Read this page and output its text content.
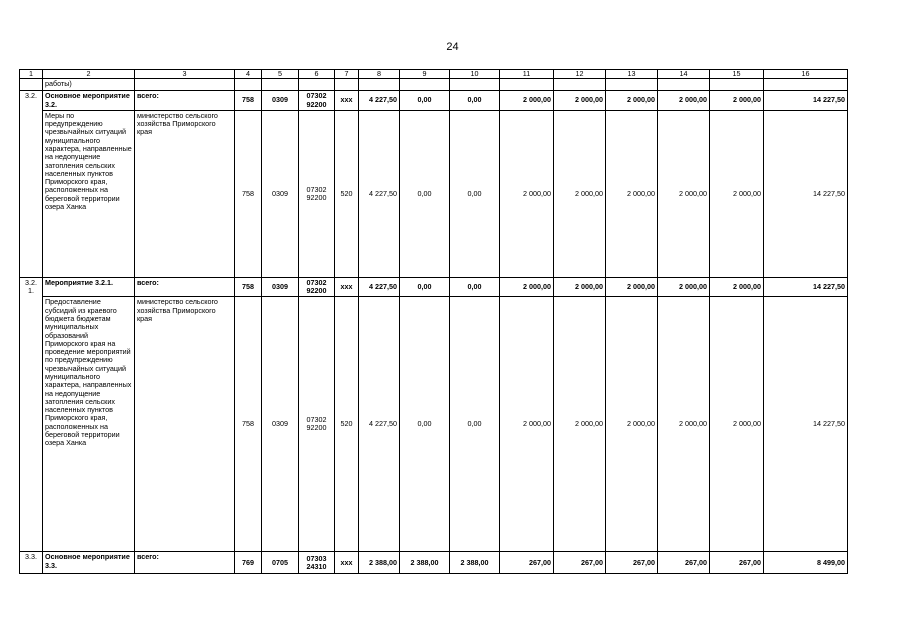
24
1	2	3	4	5	6	7	8	9	10	11	12	13	14	15	16
	работы)														
3.2.	Основное мероприятие 3.2.	всего:	758	0309	07302 92200	xxx	4 227,50	0,00	0,00	2 000,00	2 000,00	2 000,00	2 000,00	2 000,00	14 227,50
	Меры по предупреждению чрезвычайных ситуаций муниципального характера, направленные на недопущение затопления сельских населенных пунктов Приморского края, расположенных на береговой территории озера Ханка	министерство сельского хозяйства Приморского края	758	0309	07302 92200	520	4 227,50	0,00	0,00	2 000,00	2 000,00	2 000,00	2 000,00	2 000,00	14 227,50
3.2. 1.	Мероприятие 3.2.1.	всего:	758	0309	07302 92200	xxx	4 227,50	0,00	0,00	2 000,00	2 000,00	2 000,00	2 000,00	2 000,00	14 227,50
	Предоставление субсидий из краевого бюджета бюджетам муниципальных образований Приморского края на проведение мероприятий по предупреждению чрезвычайных ситуаций муниципального характера, направленных на недопущение затопления сельских населенных пунктов Приморского края, расположенных на береговой территории озера Ханка	министерство сельского хозяйства Приморского края	758	0309	07302 92200	520	4 227,50	0,00	0,00	2 000,00	2 000,00	2 000,00	2 000,00	2 000,00	14 227,50
3.3.	Основное мероприятие 3.3.	всего:	769	0705	07303 24310	xxx	2 388,00	2 388,00	2 388,00	267,00	267,00	267,00	267,00	267,00	8 499,00
